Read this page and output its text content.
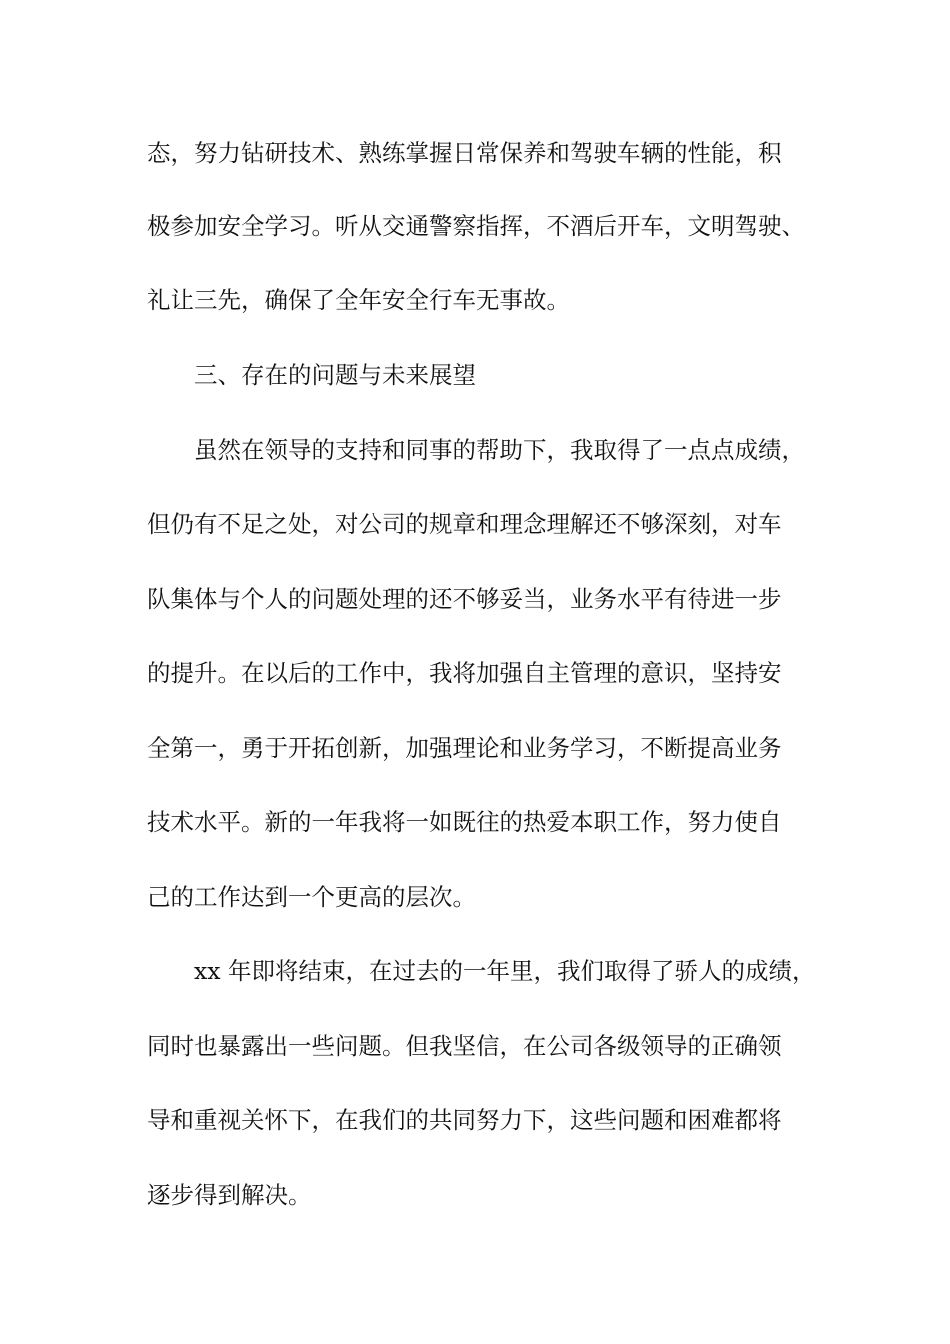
态，努力钻研技术、熟练掌握日常保养和驾驶车辆的性能，积

极参加安全学习。听从交通警察指挥，不酒后开车，文明驾驶、

礼让三先，确保了全年安全行车无事故。

三、存在的问题与未来展望

虽然在领导的支持和同事的帮助下，我取得了一点点成绩，

但仍有不足之处，对公司的规章和理念理解还不够深刻，对车

队集体与个人的问题处理的还不够妥当，业务水平有待进一步

的提升。在以后的工作中，我将加强自主管理的意识，坚持安

全第一，勇于开拓创新，加强理论和业务学习，不断提高业务

技术水平。新的一年我将一如既往的热爱本职工作，努力使自

己的工作达到一个更高的层次。

xx 年即将结束，在过去的一年里，我们取得了骄人的成绩，

同时也暴露出一些问题。但我坚信，在公司各级领导的正确领

导和重视关怀下，在我们的共同努力下，这些问题和困难都将

逐步得到解决。
